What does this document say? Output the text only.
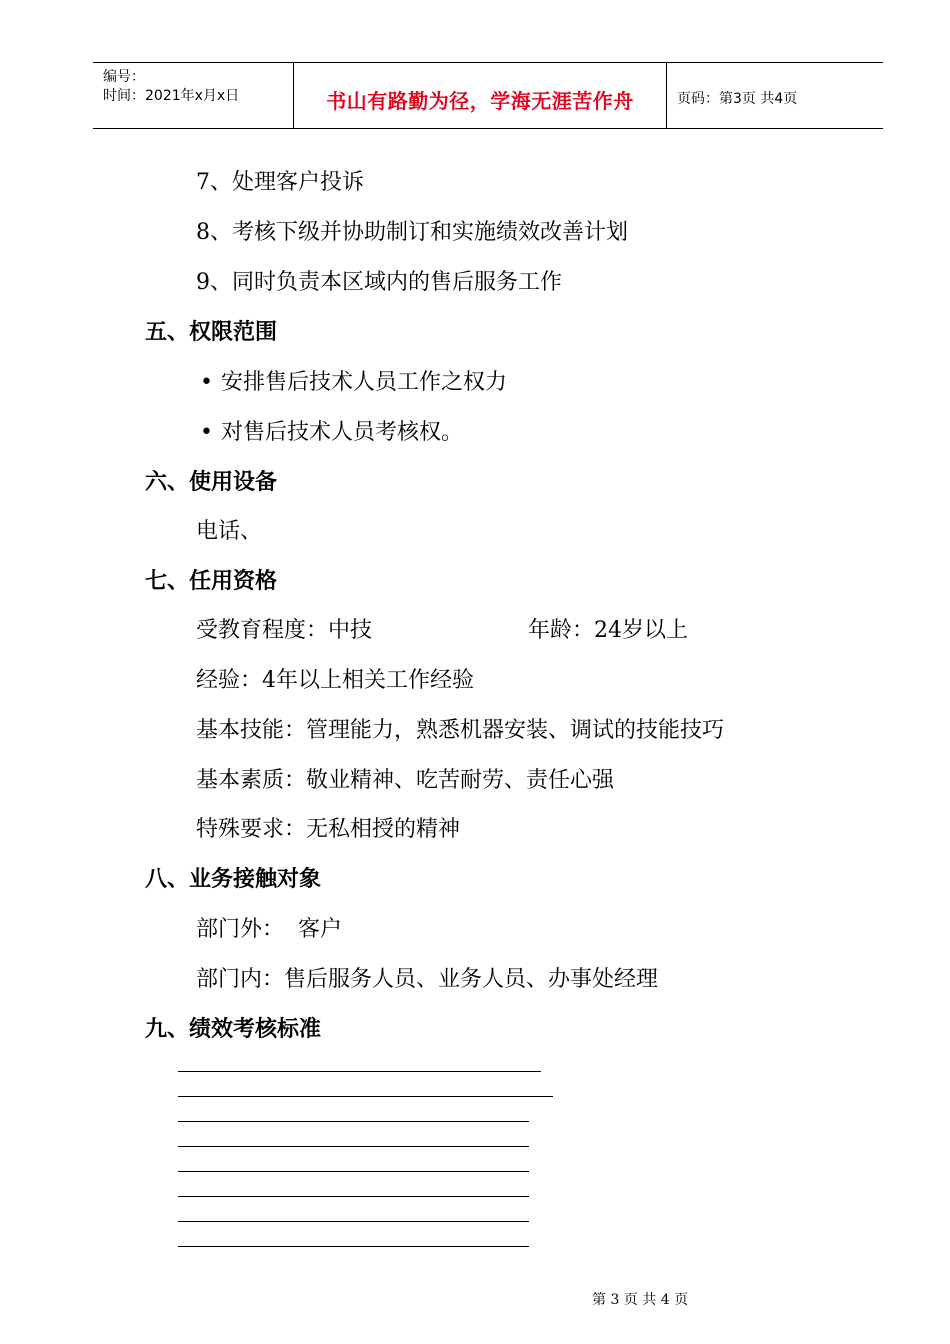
编号：
时间：2021年x月x日	书山有路勤为径，学海无涯苦作舟	页码：第3页 共4页
7、处理客户投诉
8、考核下级并协助制订和实施绩效改善计划
9、同时负责本区域内的售后服务工作
五、权限范围
• 安排售后技术人员工作之权力
• 对售后技术人员考核权。
六、使用设备
电话、
七、任用资格
受教育程度：中技	年龄：24岁以上
经验：4年以上相关工作经验
基本技能：管理能力，熟悉机器安装、调试的技能技巧
基本素质：敬业精神、吃苦耐劳、责任心强
特殊要求：无私相授的精神
八、业务接触对象
部门外：  客户
部门内：售后服务人员、业务人员、办事处经理
九、绩效考核标准
第 3 页 共 4 页
